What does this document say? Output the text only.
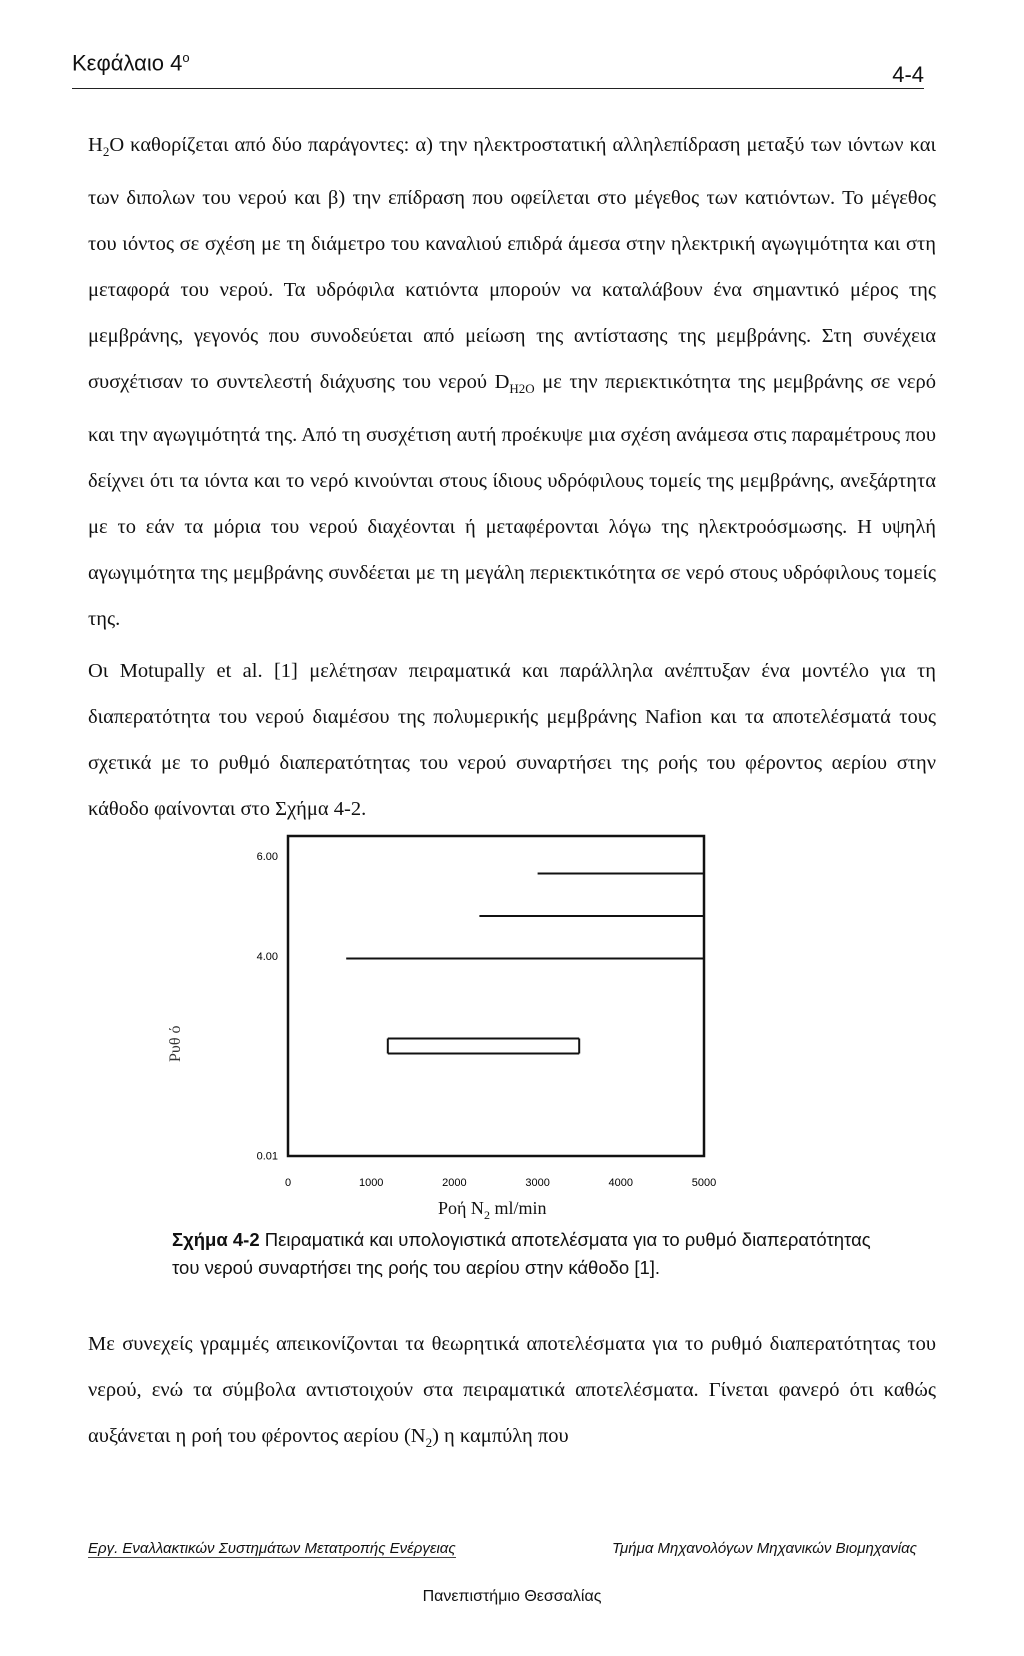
Κεφάλαιο $4^o$
4-4

$H_2O$ καθορίζεται από δύο παράγοντες: α) την ηλεκτροστατική αλληλεπίδραση μεταξύ των ιόντων και των διπολων του νερού και β) την επίδραση που οφείλεται στο μέγεθος των κατιόντων. Το μέγεθος του ιόντος σε σχέση με τη διάμετρο του καναλιού επιδρά άμεσα στην ηλεκτρική αγωγιμότητα και στη μεταφορά του νερού. Τα υδρόφιλα κατιόντα μπορούν να καταλάβουν ένα σημαντικό μέρος της μεμβράνης, γεγονός που συνοδεύεται από μείωση της αντίστασης της μεμβράνης. Στη συνέχεια συσχέτισαν το συντελεστή διάχυσης του νερού $D_{H2O}$ με την περιεκτικότητα της μεμβράνης σε νερό και την αγωγιμότητά της. Από τη συσχέτιση αυτή προέκυψε μια σχέση ανάμεσα στις παραμέτρους που δείχνει ότι τα ιόντα και το νερό κινούνται στους ίδιους υδρόφιλους τομείς της μεμβράνης, ανεξάρτητα με το εάν τα μόρια του νερού διαχέονται ή μεταφέρονται λόγω της ηλεκτροόσμωσης. Η υψηλή αγωγιμότητα της μεμβράνης συνδέεται με τη μεγάλη περιεκτικότητα σε νερό στους υδρόφιλους τομείς της.

Οι Motupally et al. [1] μελέτησαν πειραματικά και παράλληλα ανέπτυξαν ένα μοντέλο για τη διαπερατότητα του νερού διαμέσου της πολυμερικής μεμβράνης Nafion και τα αποτελέσματά τους σχετικά με το ρυθμό διαπερατότητας του νερού συναρτήσει της ροής του φέροντος αερίου στην κάθοδο φαίνονται στο Σχήμα 4-2.

6.00
4.00
0.01
0	1000	2000	3000	4000	5000
Ρυθ ό
Ροή $N_2$ ml/min
Σχήμα 4-2 Πειραματικά και υπολογιστικά αποτελέσματα για το ρυθμό διαπερατότητας του νερού συναρτήσει της ροής του αερίου στην κάθοδο [1].

Με συνεχείς γραμμές απεικονίζονται τα θεωρητικά αποτελέσματα για το ρυθμό διαπερατότητας του νερού, ενώ τα σύμβολα αντιστοιχούν στα πειραματικά αποτελέσματα. Γίνεται φανερό ότι καθώς αυξάνεται η ροή του φέροντος αερίου $(N_2)$ η καμπύλη που

Εργ. Εναλλακτικών Συστημάτων Μετατροπής Ενέργειας	Τμήμα Μηχανολόγων Μηχανικών Βιομηχανίας
Πανεπιστήμιο Θεσσαλίας
